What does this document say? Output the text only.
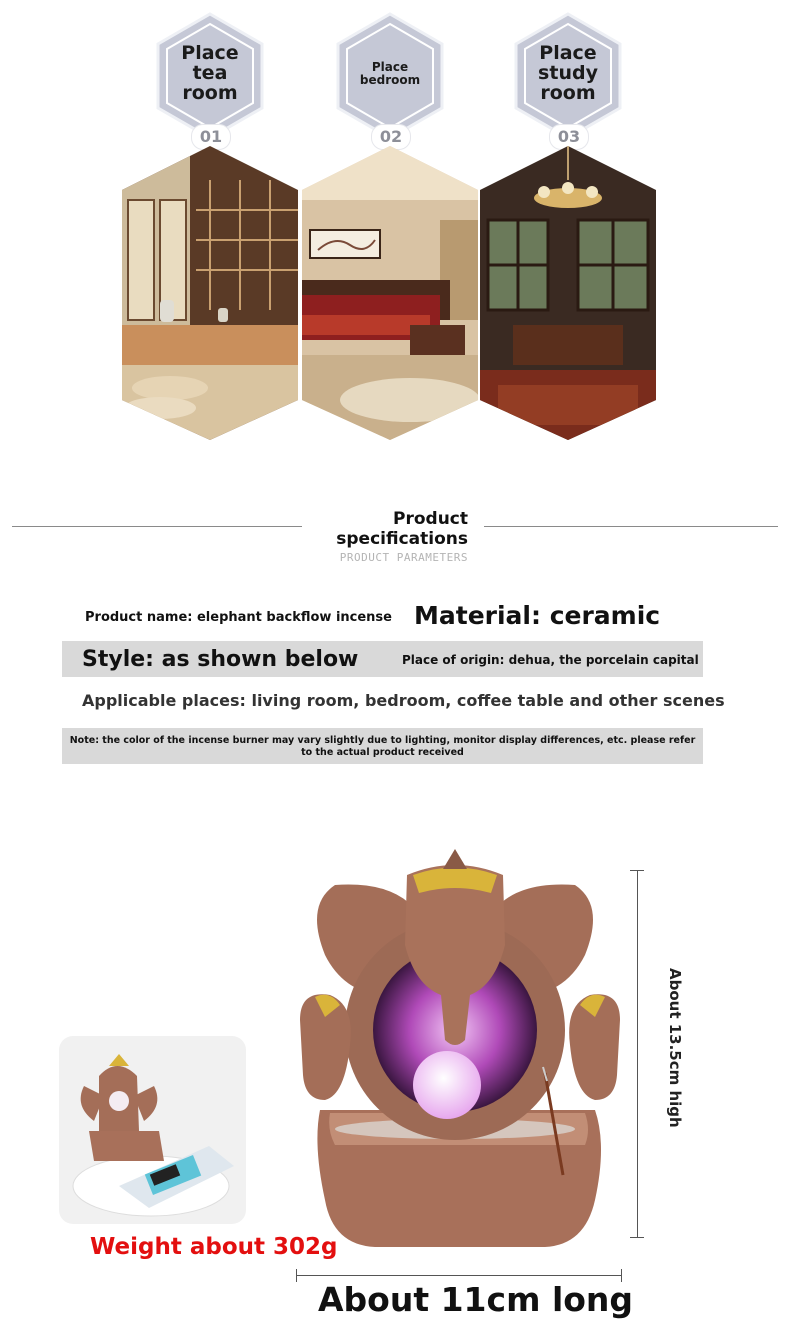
Place
tea
room
01
Place
bedroom
02
Place
study
room
03
Product
specifications
PRODUCT PARAMETERS
Product name: elephant backflow incense Material: ceramic
Style: as shown below	Place of origin: dehua, the porcelain capital
Applicable places: living room, bedroom, coffee table and other scenes
Note: the color of the incense burner may vary slightly due to lighting, monitor display differences, etc. please refer to the actual product received
About 13.5cm high
Weight about 302g
About 11cm long
